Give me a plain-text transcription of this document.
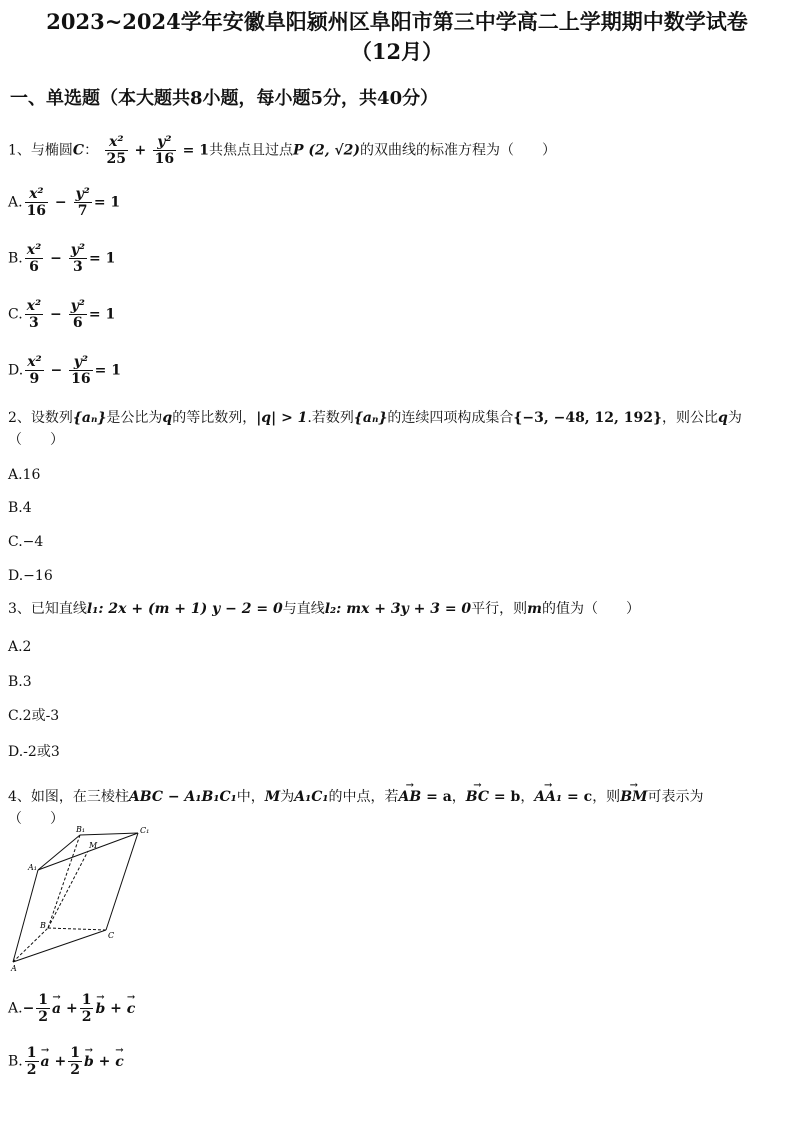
2023~2024学年安徽阜阳颍州区阜阳市第三中学高二上学期期中数学试卷
（12月）
一、单选题（本大题共8小题，每小题5分，共40分）
1、与椭圆C： $\frac{\text{x²}}{25} + \frac{\text{y²}}{16} = 1$共焦点且过点P (2, √2)的双曲线的标准方程为（　　）
A. $\frac{\text{x²}}{16} - \frac{\text{y²}}{7} = 1$
B. $\frac{\text{x²}}{6} - \frac{\text{y²}}{3} = 1$
C. $\frac{\text{x²}}{3} - \frac{\text{y²}}{6} = 1$
D. $\frac{\text{x²}}{9} - \frac{\text{y²}}{16} = 1$
2、设数列{aₙ}是公比为q的等比数列，|q| > 1.若数列{aₙ}的连续四项构成集合{−3, −48, 12, 192}，则公比q为
（　　）
A.16
B.4
C.−4
D.−16
3、已知直线l₁: 2x + (m + 1) y − 2 = 0与直线l₂: mx + 3y + 3 = 0平行，则m的值为（　　）
A.2
B.3
C.2或-3
D.-2或3
4、如图，在三棱柱ABC − A₁B₁C₁中，M为A₁C₁的中点，若→ AB = a，→ BC = b，→ AA₁ = c，则→ BM可表示为
（　　）
B₁	C₁
M
A₁
B
C
A
$A.- \frac{1}{2}$
→ $a + \frac{1}{2}$
→ b + → c
B. $\frac{1}{2}$
→ $a + \frac{1}{2}$
→ b + → c
